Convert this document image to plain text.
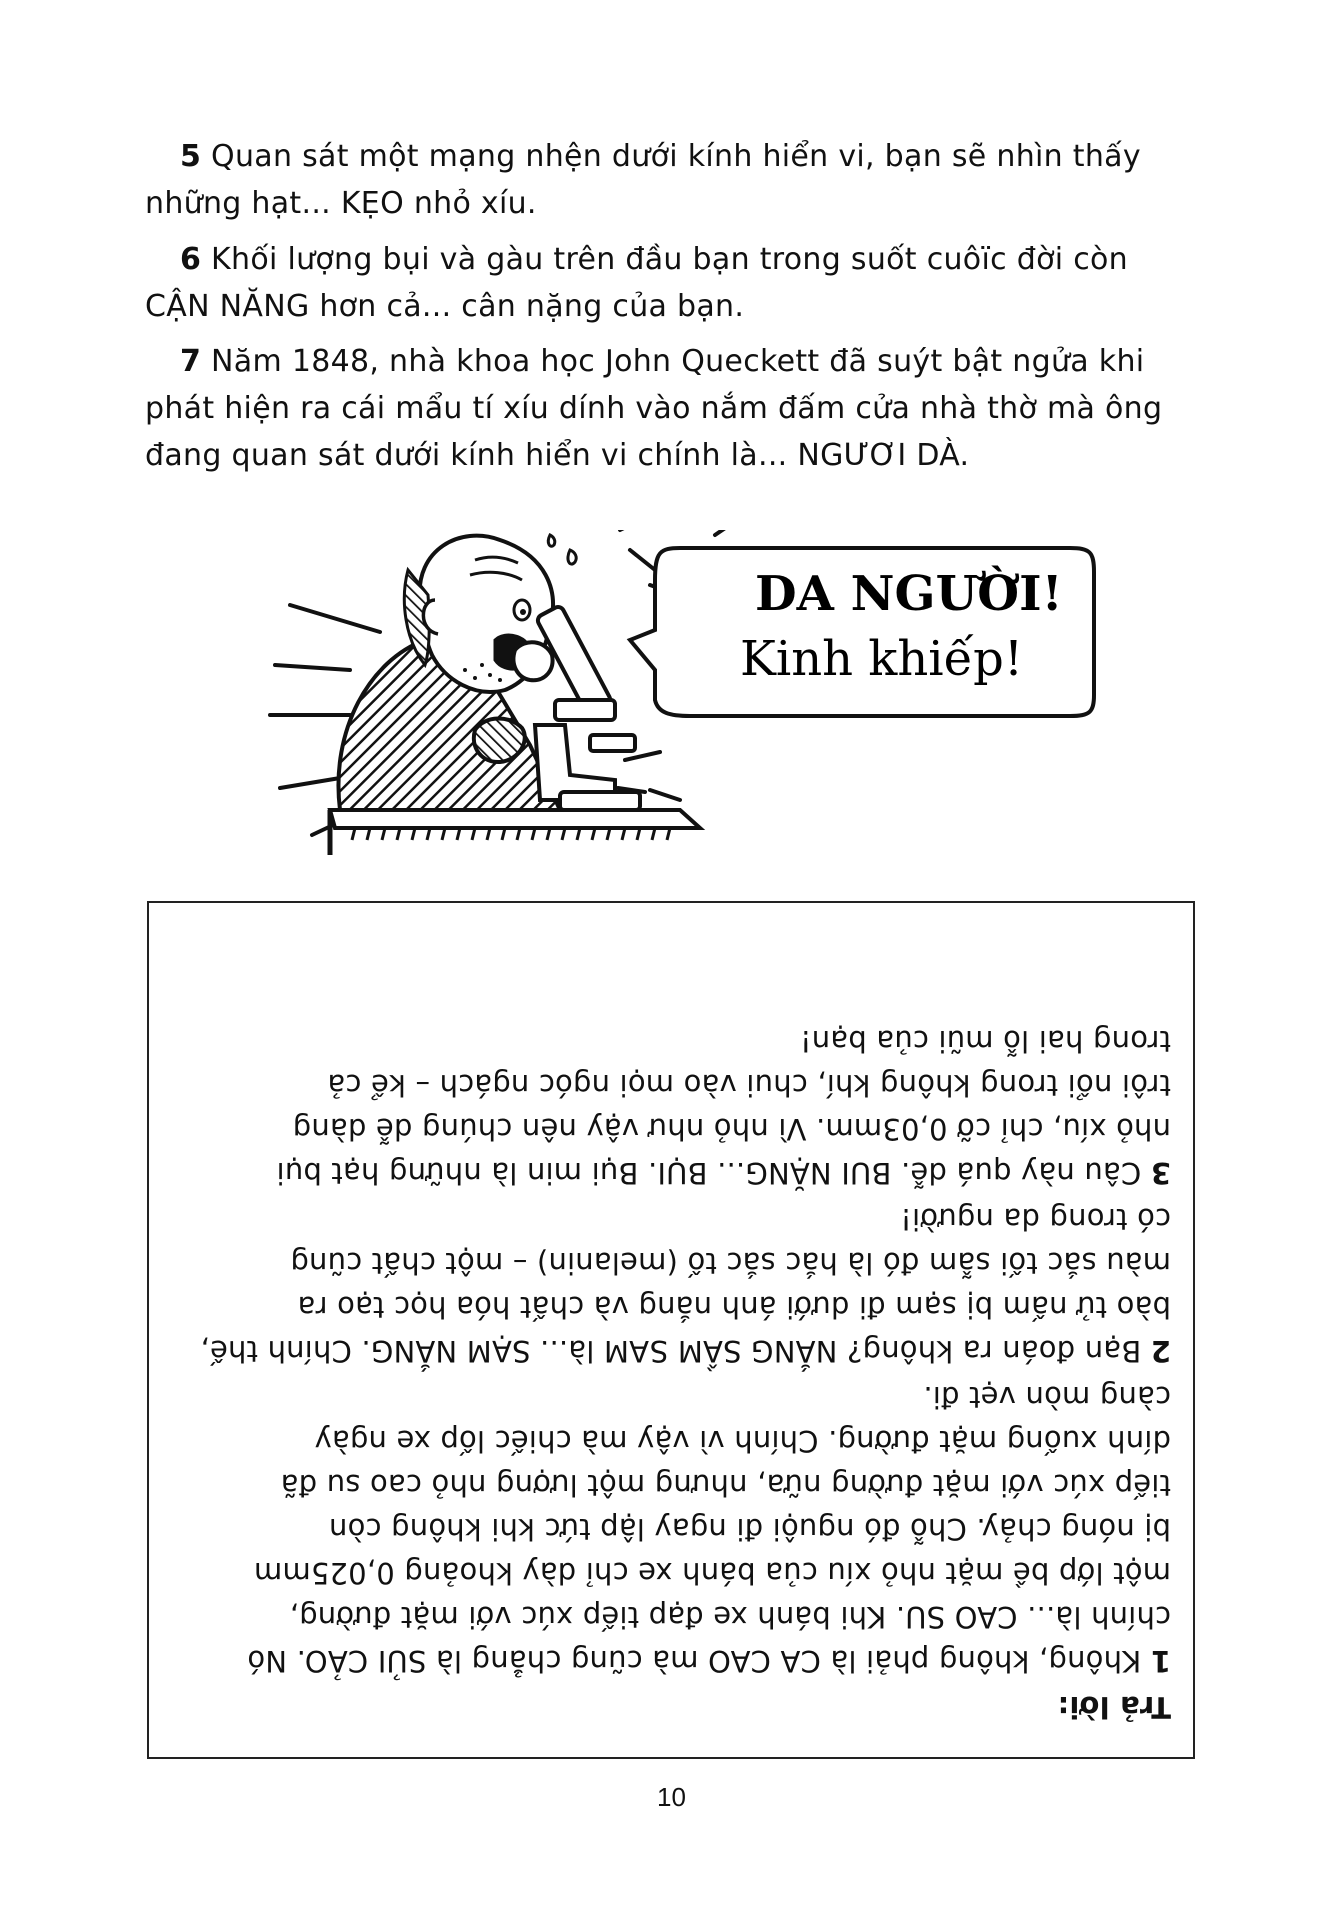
5 Quan sát một mạng nhện dưới kính hiển vi, bạn sẽ nhìn thấy
những hạt... KẸO nhỏ xíu.

6 Khối lượng bụi và gàu trên đầu bạn trong suốt cuôïc đời còn
CẬN NĂNG hơn cả... cân nặng của bạn.

7 Năm 1848, nhà khoa học John Queckett đã suýt bật ngửa khi
phát hiện ra cái mẩu tí xíu dính vào nắm đấm cửa nhà thờ mà ông
đang quan sát dưới kính hiển vi chính là... NGƯƠI DÀ.

DA NGƯỜI!
Kinh khiếp!
Trả lời:
1 Không, không phải là CA CAO mà cũng chẳng là SỦI CẢO. Nó
chính là... CAO SU. Khi bánh xe đạp tiếp xúc với mặt đường,
một lớp bề mặt nhỏ xíu của bánh xe chỉ dày khoảng 0,025mm
bị nóng chảy. Chỗ đó nguội đi ngay lập tức khi không còn
tiếp xúc với mặt đường nữa, nhưng một lượng nhỏ cao su đã
dính xuống mặt đường. Chính vì vậy mà chiếc lốp xe ngày
càng mòn vẹt đi.
2 Bạn đoán ra không? NẮNG SẦM SAM là... SẠM NẮNG. Chính thế,
bào tử nấm bị sạm đi dưới ánh nắng và chất hóa học tạo ra
màu sắc tối sẫm đó là hắc sắc tố (melanin) – một chất cũng
có trong da người!
3 Câu này quá dễ. BUI NẶNG... BỤI. Bụi min là những hạt bụi
nhỏ xíu, chỉ cỡ 0,03mm. Vì nhỏ như vậy nên chúng dễ dàng
trôi nổi trong không khí, chui vào mọi ngóc ngách – kể cả
trong hai lỗ mũi của bạn!
10
